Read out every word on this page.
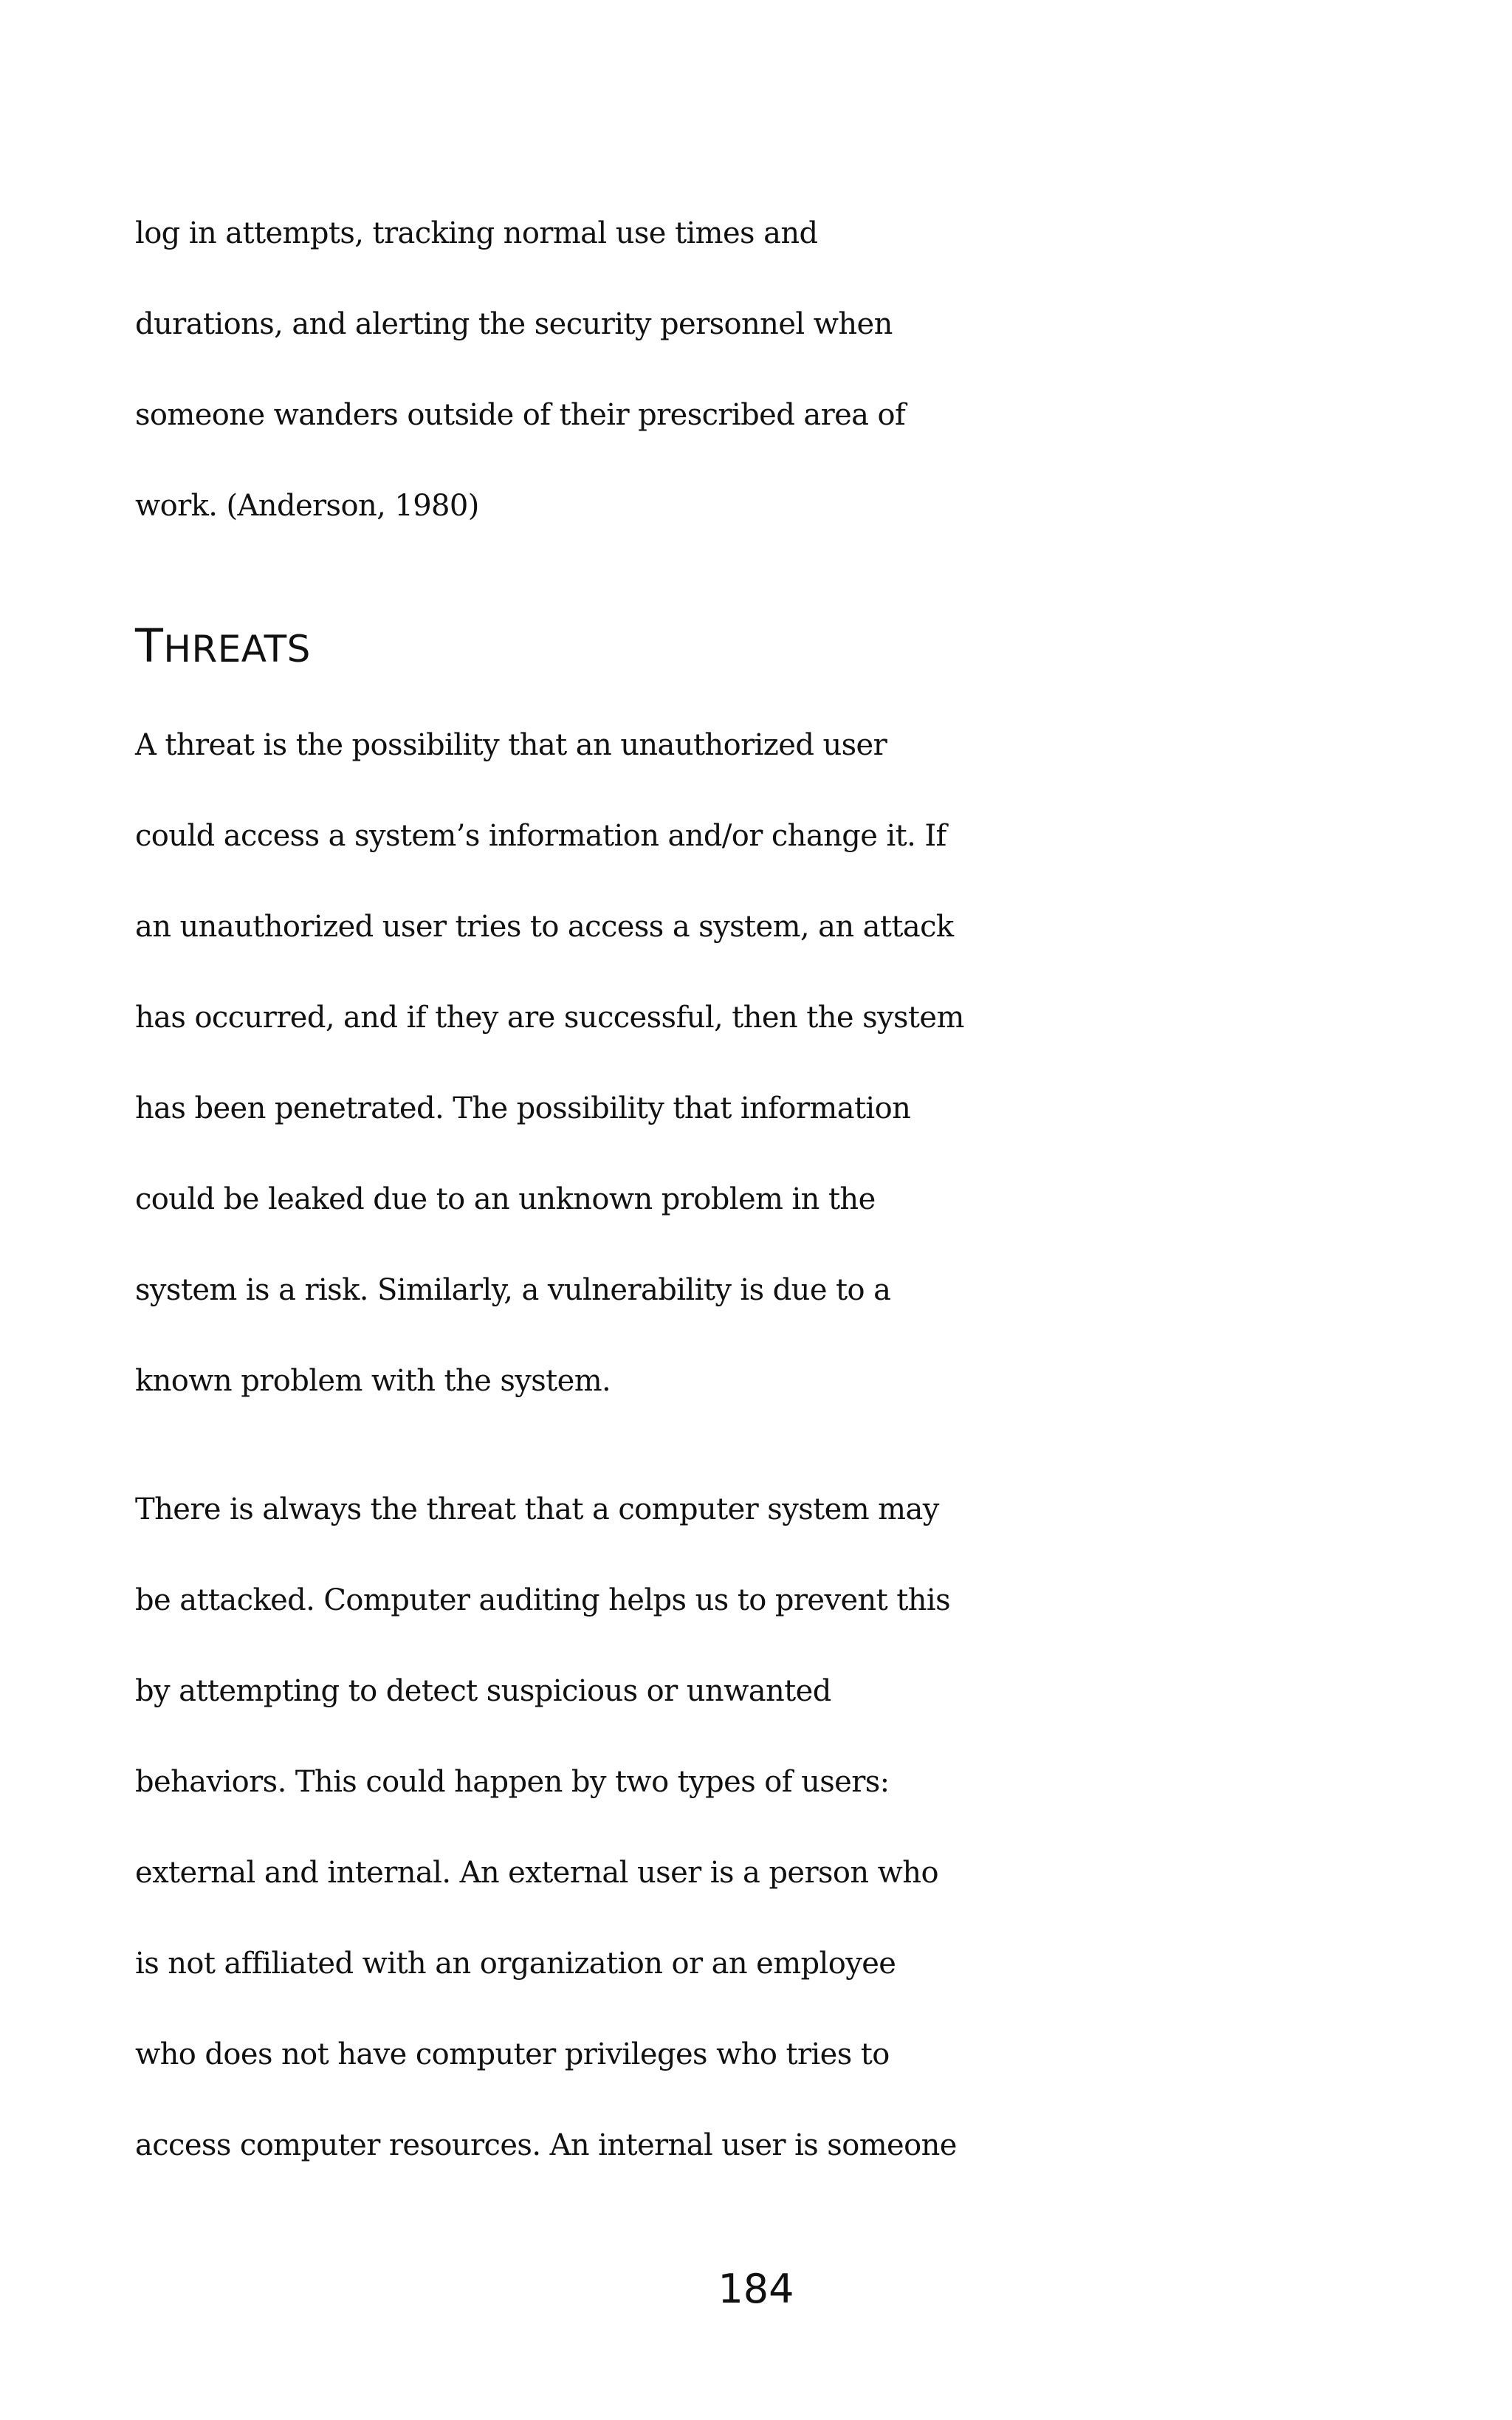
log in attempts, tracking normal use times and
durations, and alerting the security personnel when
someone wanders outside of their prescribed area of
work. (Anderson, 1980)
THREATS
A threat is the possibility that an unauthorized user
could access a system’s information and/or change it. If
an unauthorized user tries to access a system, an attack
has occurred, and if they are successful, then the system
has been penetrated. The possibility that information
could be leaked due to an unknown problem in the
system is a risk. Similarly, a vulnerability is due to a
known problem with the system.
There is always the threat that a computer system may
be attacked. Computer auditing helps us to prevent this
by attempting to detect suspicious or unwanted
behaviors. This could happen by two types of users:
external and internal. An external user is a person who
is not affiliated with an organization or an employee
who does not have computer privileges who tries to
access computer resources. An internal user is someone
184
